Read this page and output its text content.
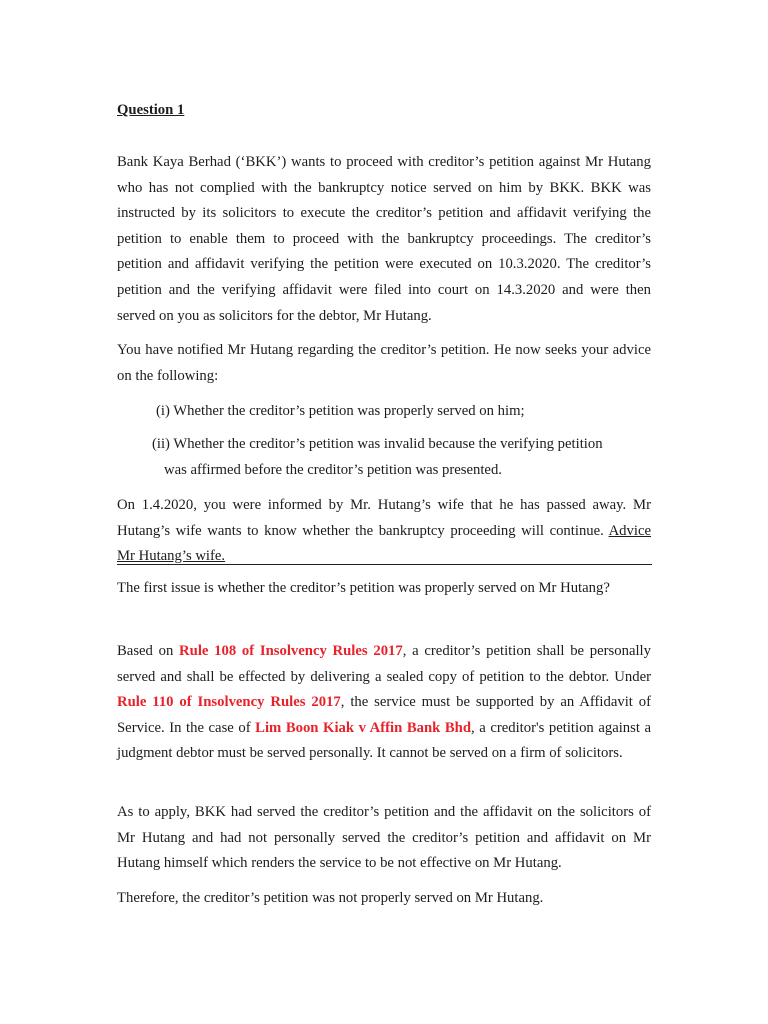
Question 1

Bank Kaya Berhad (‘BKK’) wants to proceed with creditor’s petition against Mr Hutang who has not complied with the bankruptcy notice served on him by BKK. BKK was instructed by its solicitors to execute the creditor’s petition and affidavit verifying the petition to enable them to proceed with the bankruptcy proceedings. The creditor’s petition and affidavit verifying the petition were executed on 10.3.2020. The creditor’s petition and the verifying affidavit were filed into court on 14.3.2020 and were then served on you as solicitors for the debtor, Mr Hutang.

You have notified Mr Hutang regarding the creditor’s petition. He now seeks your advice on the following:

(i) Whether the creditor’s petition was properly served on him;

(ii) Whether the creditor’s petition was invalid because the verifying petition
was affirmed before the creditor’s petition was presented.

On 1.4.2020, you were informed by Mr. Hutang’s wife that he has passed away. Mr Hutang’s wife wants to know whether the bankruptcy proceeding will continue. Advice Mr Hutang’s wife.

The first issue is whether the creditor’s petition was properly served on Mr Hutang?

Based on Rule 108 of Insolvency Rules 2017, a creditor’s petition shall be personally served and shall be effected by delivering a sealed copy of petition to the debtor. Under Rule 110 of Insolvency Rules 2017, the service must be supported by an Affidavit of Service. In the case of Lim Boon Kiak v Affin Bank Bhd, a creditor's petition against a judgment debtor must be served personally. It cannot be served on a firm of solicitors.

As to apply, BKK had served the creditor’s petition and the affidavit on the solicitors of Mr Hutang and had not personally served the creditor’s petition and affidavit on Mr Hutang himself which renders the service to be not effective on Mr Hutang.

Therefore, the creditor’s petition was not properly served on Mr Hutang.
